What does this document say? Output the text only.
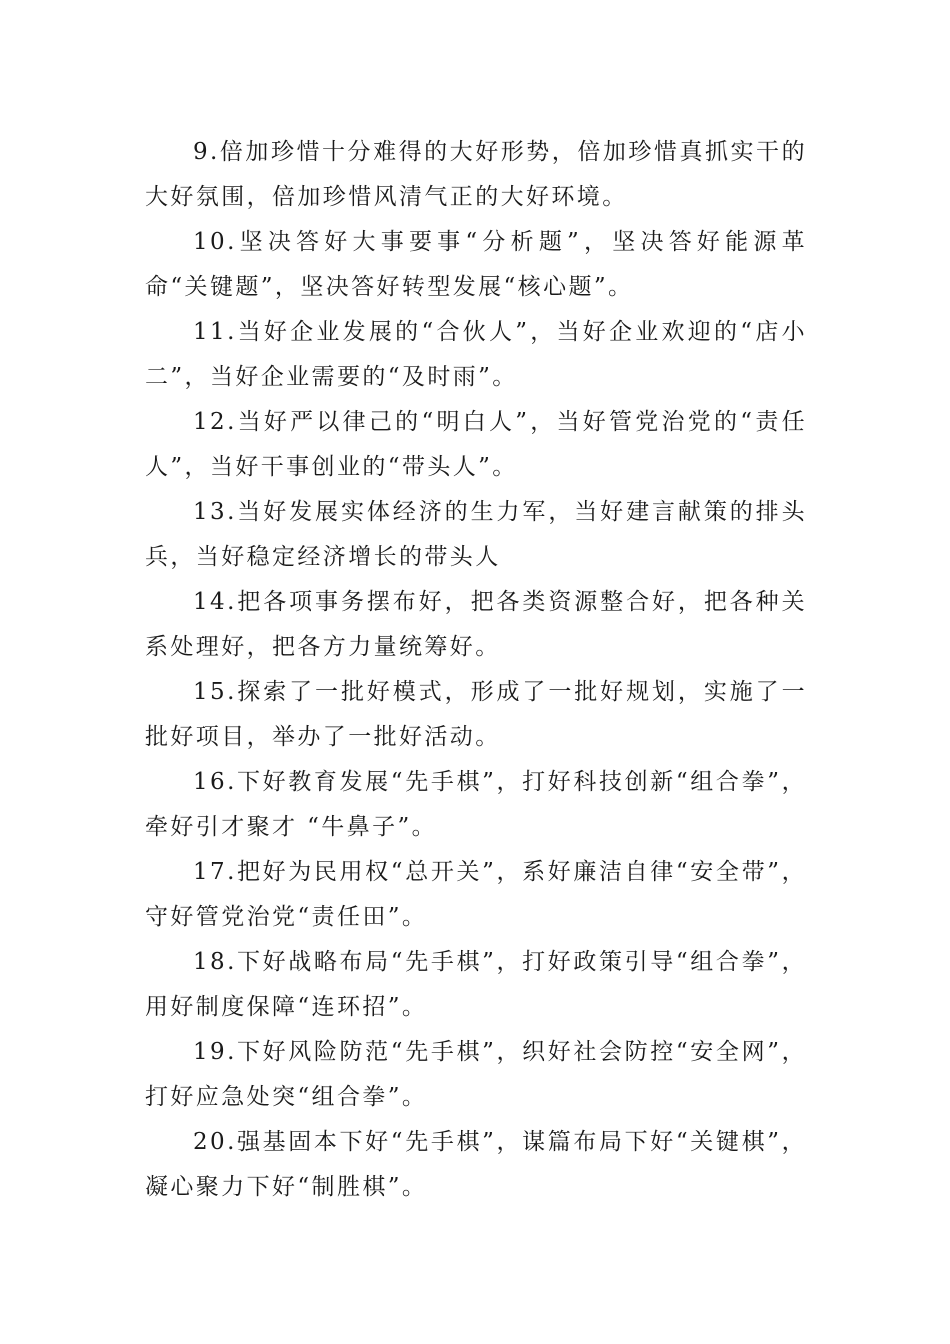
9.倍加珍惜十分难得的大好形势，倍加珍惜真抓实干的大好氛围，倍加珍惜风清气正的大好环境。

10.坚决答好大事要事“分析题”，坚决答好能源革命“关键题”，坚决答好转型发展“核心题”。

11.当好企业发展的“合伙人”，当好企业欢迎的“店小二”，当好企业需要的“及时雨”。

12.当好严以律己的“明白人”，当好管党治党的“责任人”，当好干事创业的“带头人”。

13.当好发展实体经济的生力军，当好建言献策的排头兵，当好稳定经济增长的带头人

14.把各项事务摆布好，把各类资源整合好，把各种关系处理好，把各方力量统筹好。

15.探索了一批好模式，形成了一批好规划，实施了一批好项目，举办了一批好活动。

16.下好教育发展“先手棋”，打好科技创新“组合拳”，牵好引才聚才 “牛鼻子”。

17.把好为民用权“总开关”，系好廉洁自律“安全带”，守好管党治党“责任田”。

18.下好战略布局“先手棋”，打好政策引导“组合拳”，用好制度保障“连环招”。

19.下好风险防范“先手棋”，织好社会防控“安全网”，打好应急处突“组合拳”。

20.强基固本下好“先手棋”，谋篇布局下好“关键棋”，凝心聚力下好“制胜棋”。
